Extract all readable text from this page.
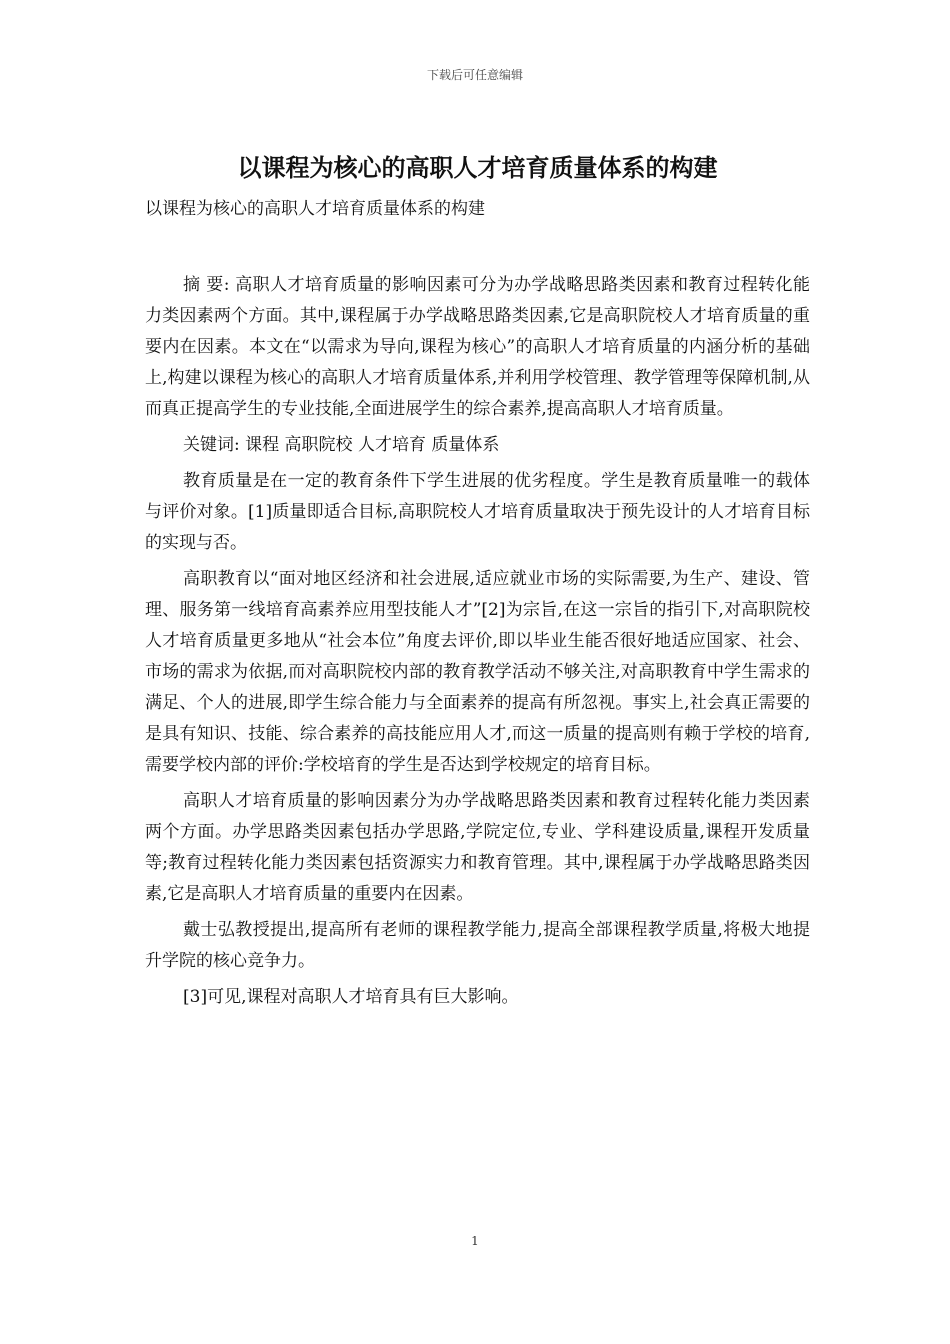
下载后可任意编辑
以课程为核心的高职人才培育质量体系的构建

以课程为核心的高职人才培育质量体系的构建

摘 要: 高职人才培育质量的影响因素可分为办学战略思路类因素和教育过程转化能力类因素两个方面。其中,课程属于办学战略思路类因素,它是高职院校人才培育质量的重要内在因素。本文在“以需求为导向,课程为核心”的高职人才培育质量的内涵分析的基础上,构建以课程为核心的高职人才培育质量体系,并利用学校管理、教学管理等保障机制,从而真正提高学生的专业技能,全面进展学生的综合素养,提高高职人才培育质量。

关键词: 课程 高职院校 人才培育 质量体系

教育质量是在一定的教育条件下学生进展的优劣程度。学生是教育质量唯一的载体与评价对象。[1]质量即适合目标,高职院校人才培育质量取决于预先设计的人才培育目标的实现与否。

高职教育以“面对地区经济和社会进展,适应就业市场的实际需要,为生产、建设、管理、服务第一线培育高素养应用型技能人才”[2]为宗旨,在这一宗旨的指引下,对高职院校人才培育质量更多地从“社会本位”角度去评价,即以毕业生能否很好地适应国家、社会、市场的需求为依据,而对高职院校内部的教育教学活动不够关注,对高职教育中学生需求的满足、个人的进展,即学生综合能力与全面素养的提高有所忽视。事实上,社会真正需要的是具有知识、技能、综合素养的高技能应用人才,而这一质量的提高则有赖于学校的培育,需要学校内部的评价:学校培育的学生是否达到学校规定的培育目标。

高职人才培育质量的影响因素分为办学战略思路类因素和教育过程转化能力类因素两个方面。办学思路类因素包括办学思路,学院定位,专业、学科建设质量,课程开发质量等;教育过程转化能力类因素包括资源实力和教育管理。其中,课程属于办学战略思路类因素,它是高职人才培育质量的重要内在因素。

戴士弘教授提出,提高所有老师的课程教学能力,提高全部课程教学质量,将极大地提升学院的核心竞争力。

[3]可见,课程对高职人才培育具有巨大影响。

1
